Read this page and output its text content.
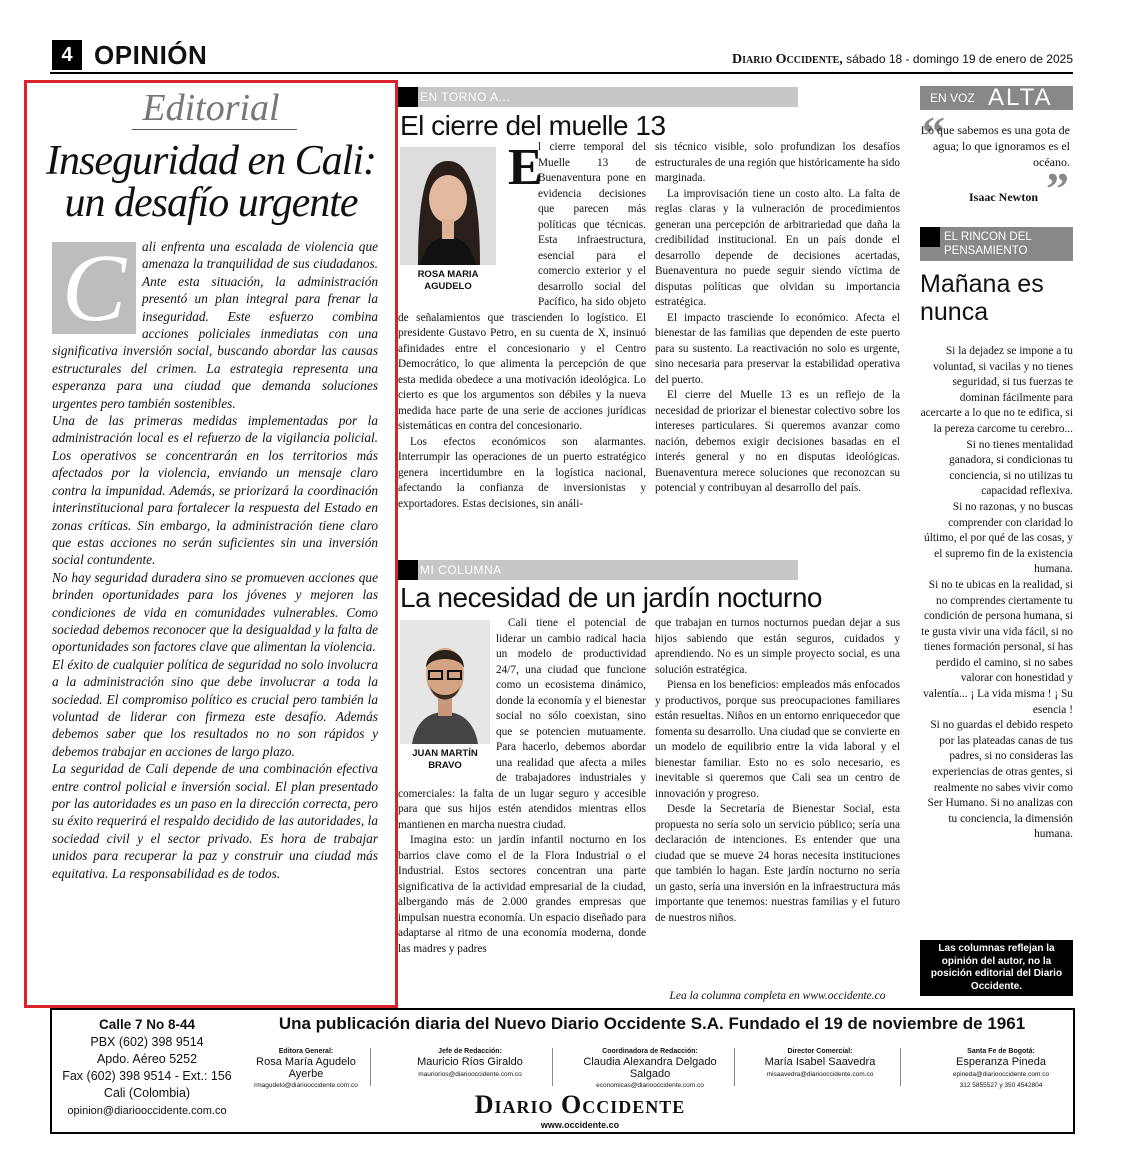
4 OPINIÓN	Diario Occidente, sábado 18 - domingo 19 de enero de 2025
Editorial
Inseguridad en Cali: un desafío urgente

ali enfrenta una escalada de violencia que amenaza la tranquilidad de sus ciudadanos. Ante esta situación, la administración presentó un plan integral para frenar la inseguridad. Este esfuerzo combina acciones policiales inmediatas con una significativa inversión social, buscando abordar las causas estructurales del crimen. La estrategia representa una esperanza para una ciudad que demanda soluciones urgentes pero también sostenibles.

Una de las primeras medidas implementadas por la administración local es el refuerzo de la vigilancia policial. Los operativos se concentrarán en los territorios más afectados por la violencia, enviando un mensaje claro contra la impunidad. Además, se priorizará la coordinación interinstitucional para fortalecer la respuesta del Estado en zonas críticas. Sin embargo, la administración tiene claro que estas acciones no serán suficientes sin una inversión social contundente.

No hay seguridad duradera sino se promueven acciones que brinden oportunidades para los jóvenes y mejoren las condiciones de vida en comunidades vulnerables. Como sociedad debemos reconocer que la desigualdad y la falta de oportunidades son factores clave que alimentan la violencia.

El éxito de cualquier política de seguridad no solo involucra a la administración sino que debe involucrar a toda la sociedad. El compromiso político es crucial pero también la voluntad de liderar con firmeza este desafío. Además debemos saber que los resultados no no son rápidos y debemos trabajar en acciones de largo plazo.

La seguridad de Cali depende de una combinación efectiva entre control policial e inversión social. El plan presentado por las autoridades es un paso en la dirección correcta, pero su éxito requerirá el respaldo decidido de las autoridades, la sociedad civil y el sector privado. Es hora de trabajar unidos para recuperar la paz y construir una ciudad más equitativa. La responsabilidad es de todos.

C
EN TORNO A...
El cierre del muelle 13
ROSA MARIA AGUDELO
E

l cierre temporal del Muelle 13 de Buenaventura pone en evidencia decisiones que parecen más políticas que técnicas. Esta infraestructura, esencial para el comercio exterior y el desarrollo social del Pacífico, ha sido objeto de señalamientos que trascienden lo logístico. El presidente Gustavo Petro, en su cuenta de X, insinuó afinidades entre el concesionario y el Centro Democrático, lo que alimenta la percepción de que esta medida obedece a una motivación ideológica. Lo cierto es que los argumentos son débiles y la nueva medida hace parte de una serie de acciones jurídicas sistemáticas en contra del concesionario.

Los efectos económicos son alarmantes. Interrumpir las operaciones de un puerto estratégico genera incertidumbre en la logística nacional, afectando la confianza de inversionistas y exportadores. Estas decisiones, sin análi-

sis técnico visible, solo profundizan los desafíos estructurales de una región que históricamente ha sido marginada.

La improvisación tiene un costo alto. La falta de reglas claras y la vulneración de procedimientos generan una percepción de arbitrariedad que daña la credibilidad institucional. En un país donde el desarrollo depende de decisiones acertadas, Buenaventura no puede seguir siendo víctima de disputas políticas que olvidan su importancia estratégica.

El impacto trasciende lo económico. Afecta el bienestar de las familias que dependen de este puerto para su sustento. La reactivación no solo es urgente, sino necesaria para preservar la estabilidad operativa del puerto.

El cierre del Muelle 13 es un reflejo de la necesidad de priorizar el bienestar colectivo sobre los intereses particulares. Si queremos avanzar como nación, debemos exigir decisiones basadas en el interés general y no en disputas ideológicas. Buenaventura merece soluciones que reconozcan su potencial y contribuyan al desarrollo del país.

MI COLUMNA
La necesidad de un jardín nocturno
JUAN MARTÍN BRAVO

Cali tiene el potencial de liderar un cambio radical hacia un modelo de productividad 24/7, una ciudad que funcione como un ecosistema dinámico, donde la economía y el bienestar social no sólo coexistan, sino que se potencien mutuamente. Para hacerlo, debemos abordar una realidad que afecta a miles de trabajadores industriales y comerciales: la falta de un lugar seguro y accesible para que sus hijos estén atendidos mientras ellos mantienen en marcha nuestra ciudad.

Imagina esto: un jardín infantil nocturno en los barrios clave como el de la Flora Industrial o el Industrial. Estos sectores concentran una parte significativa de la actividad empresarial de la ciudad, albergando más de 2.000 grandes empresas que impulsan nuestra economía. Un espacio diseñado para adaptarse al ritmo de una economía moderna, donde las madres y padres

que trabajan en turnos nocturnos puedan dejar a sus hijos sabiendo que están seguros, cuidados y aprendiendo. No es un simple proyecto social, es una solución estratégica.

Piensa en los beneficios: empleados más enfocados y productivos, porque sus preocupaciones familiares están resueltas. Niños en un entorno enriquecedor que fomenta su desarrollo. Una ciudad que se convierte en un modelo de equilibrio entre la vida laboral y el bienestar familiar. Esto no es solo necesario, es inevitable si queremos que Cali sea un centro de innovación y progreso.

Desde la Secretaría de Bienestar Social, esta propuesta no sería solo un servicio público; sería una declaración de intenciones. Es entender que una ciudad que se mueve 24 horas necesita instituciones que también lo hagan. Este jardín nocturno no sería un gasto, sería una inversión en la infraestructura más importante que tenemos: nuestras familias y el futuro de nuestros niños.

Lea la columna completa en www.occidente.co
EN VOZ ALTA
“
Lo que sabemos es una gota de agua; lo que ignoramos es el océano.
”
Isaac Newton
EL RINCON DEL PENSAMIENTO
Mañana es nunca

Si la dejadez se impone a tu voluntad, si vacilas y no tienes seguridad, si tus fuerzas te dominan fácilmente para acercarte a lo que no te edifica, si la pereza carcome tu cerebro...

Si no tienes mentalidad ganadora, si condicionas tu conciencia, si no utilizas tu capacidad reflexiva.

Si no razonas, y no buscas comprender con claridad lo último, el por qué de las cosas, y el supremo fin de la existencia humana.

Si no te ubicas en la realidad, si no comprendes ciertamente tu condición de persona humana, si te gusta vivir una vida fácil, si no tienes formación personal, si has perdido el camino, si no sabes valorar con honestidad y valentía... ¡ La vida misma ! ¡ Su esencia !

Si no guardas el debido respeto por las plateadas canas de tus padres, si no consideras las experiencias de otras gentes, si realmente no sabes vivir como Ser Humano. Si no analizas con tu conciencia, la dimensión humana.

Las columnas reflejan la opinión del autor, no la posición editorial del Diario Occidente.
Calle 7 No 8-44
PBX (602) 398 9514
Apdo. Aéreo 5252
Fax (602) 398 9514 - Ext.: 156
Cali (Colombia)
opinion@diariooccidente.com.co
Una publicación diaria del Nuevo Diario Occidente S.A. Fundado el 19 de noviembre de 1961
Editora General:
Rosa María Agudelo Ayerbe
rmagudelo@diariooccidente.com.co
Jefe de Redacción:
Mauricio Ríos Giraldo
mauriorios@diariooccidente.com.co
Coordinadora de Redacción:
Claudia Alexandra Delgado Salgado
economicas@diariooccidente.com.co
Director Comercial:
María Isabel Saavedra
misaavedra@diariooccidente.com.co
Santa Fe de Bogotá:
Esperanza Pineda
epineda@diariooccidente.com.co
312 5855527 y 350 4542804
Diario Occidente
www.occidente.co
